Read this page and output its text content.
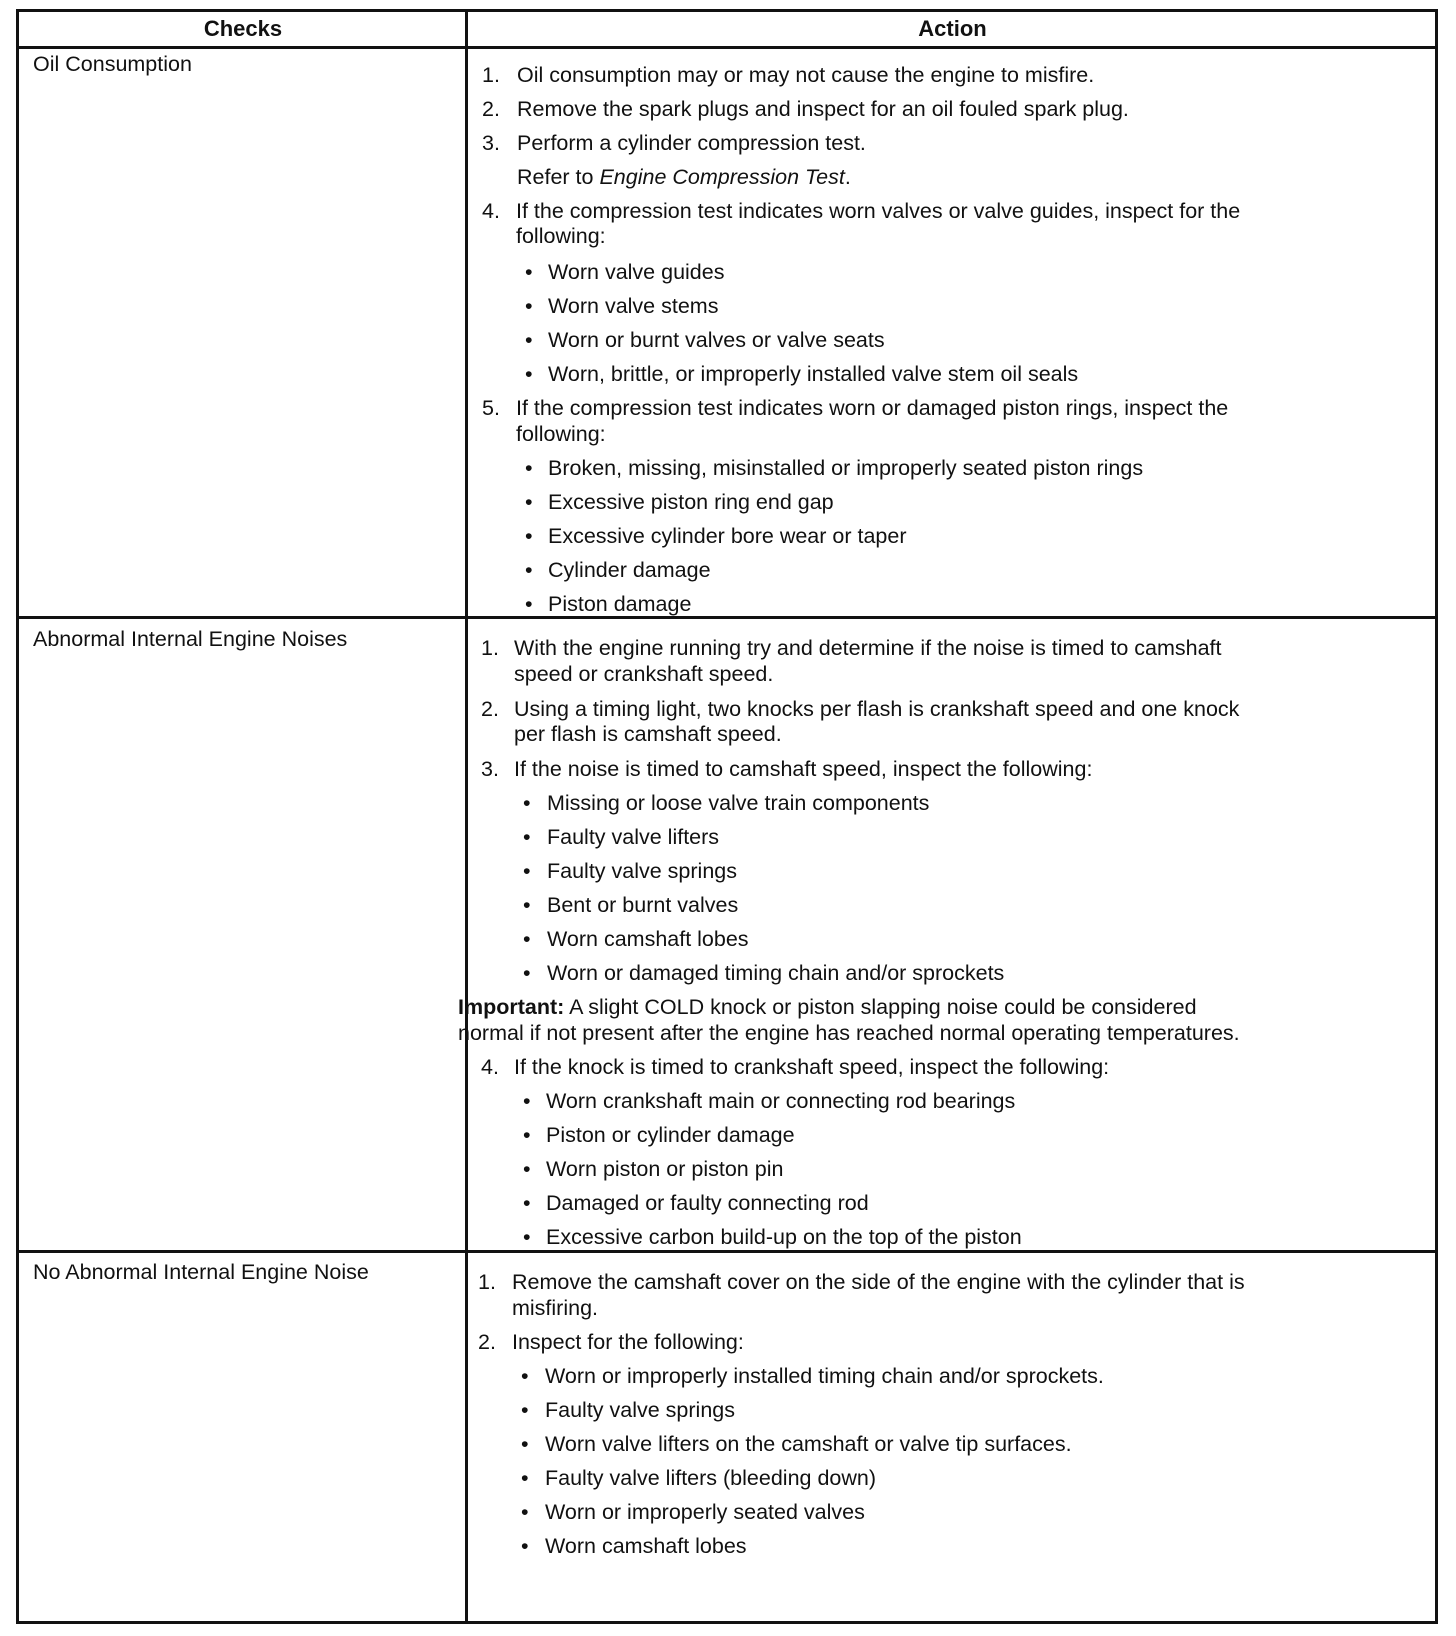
Checks	Action
Oil Consumption	1. Oil consumption may or may not cause the engine to misfire.
2. Remove the spark plugs and inspect for an oil fouled spark plug.
3. Perform a cylinder compression test.
Refer to Engine Compression Test.
4. If the compression test indicates worn valves or valve guides, inspect for the
following:
• Worn valve guides
• Worn valve stems
• Worn or burnt valves or valve seats
• Worn, brittle, or improperly installed valve stem oil seals
5. If the compression test indicates worn or damaged piston rings, inspect the
following:
• Broken, missing, misinstalled or improperly seated piston rings
• Excessive piston ring end gap
• Excessive cylinder bore wear or taper
• Cylinder damage
• Piston damage
Abnormal Internal Engine Noises	1. With the engine running try and determine if the noise is timed to camshaft
speed or crankshaft speed.
2. Using a timing light, two knocks per flash is crankshaft speed and one knock
per flash is camshaft speed.
3. If the noise is timed to camshaft speed, inspect the following:
• Missing or loose valve train components
• Faulty valve lifters
• Faulty valve springs
• Bent or burnt valves
• Worn camshaft lobes
• Worn or damaged timing chain and/or sprockets
Important: A slight COLD knock or piston slapping noise could be considered
normal if not present after the engine has reached normal operating temperatures.
4. If the knock is timed to crankshaft speed, inspect the following:
• Worn crankshaft main or connecting rod bearings
• Piston or cylinder damage
• Worn piston or piston pin
• Damaged or faulty connecting rod
• Excessive carbon build-up on the top of the piston
No Abnormal Internal Engine Noise	1. Remove the camshaft cover on the side of the engine with the cylinder that is
misfiring.
2. Inspect for the following:
• Worn or improperly installed timing chain and/or sprockets.
• Faulty valve springs
• Worn valve lifters on the camshaft or valve tip surfaces.
• Faulty valve lifters (bleeding down)
• Worn or improperly seated valves
• Worn camshaft lobes
